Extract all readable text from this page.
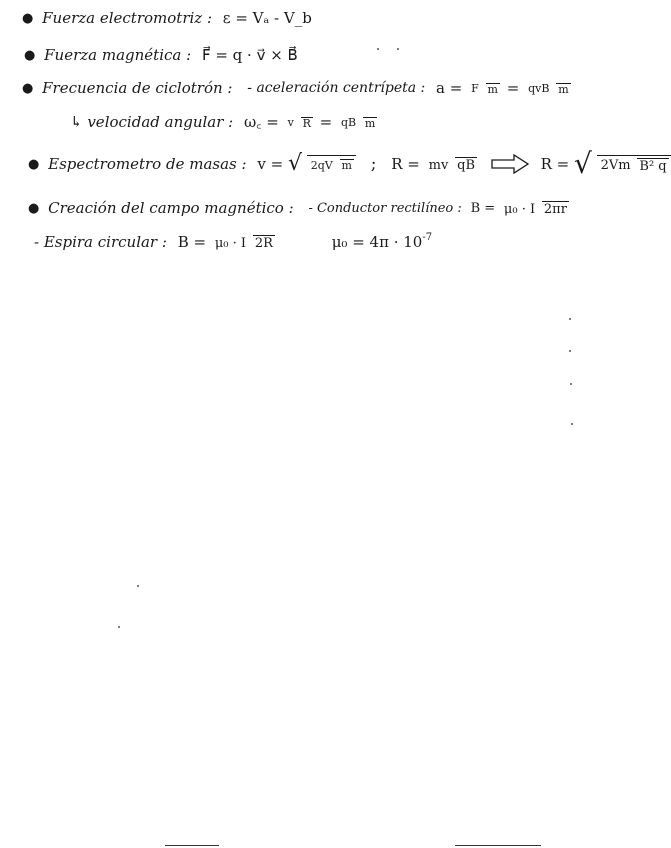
● Fuerza electromotriz : ε = Vₐ - V_b
● Fuerza magnética : F⃗ = q · v⃗ × B⃗
● Frecuencia de ciclotrón : - aceleración centrípeta : a = F m = qvB m
↳ velocidad angular : ω꜀ = v R = qB m
● Espectrometro de masas : v = √ 2qV m ; R = mv qB	R = √ 2Vm B² q
● Creación del campo magnético : - Conductor rectilíneo : B = μ₀ · I 2πr
- Espira circular : B = μ₀ · I 2R	$\mu_0 = 4\pi \cdot 10^{-7}$
